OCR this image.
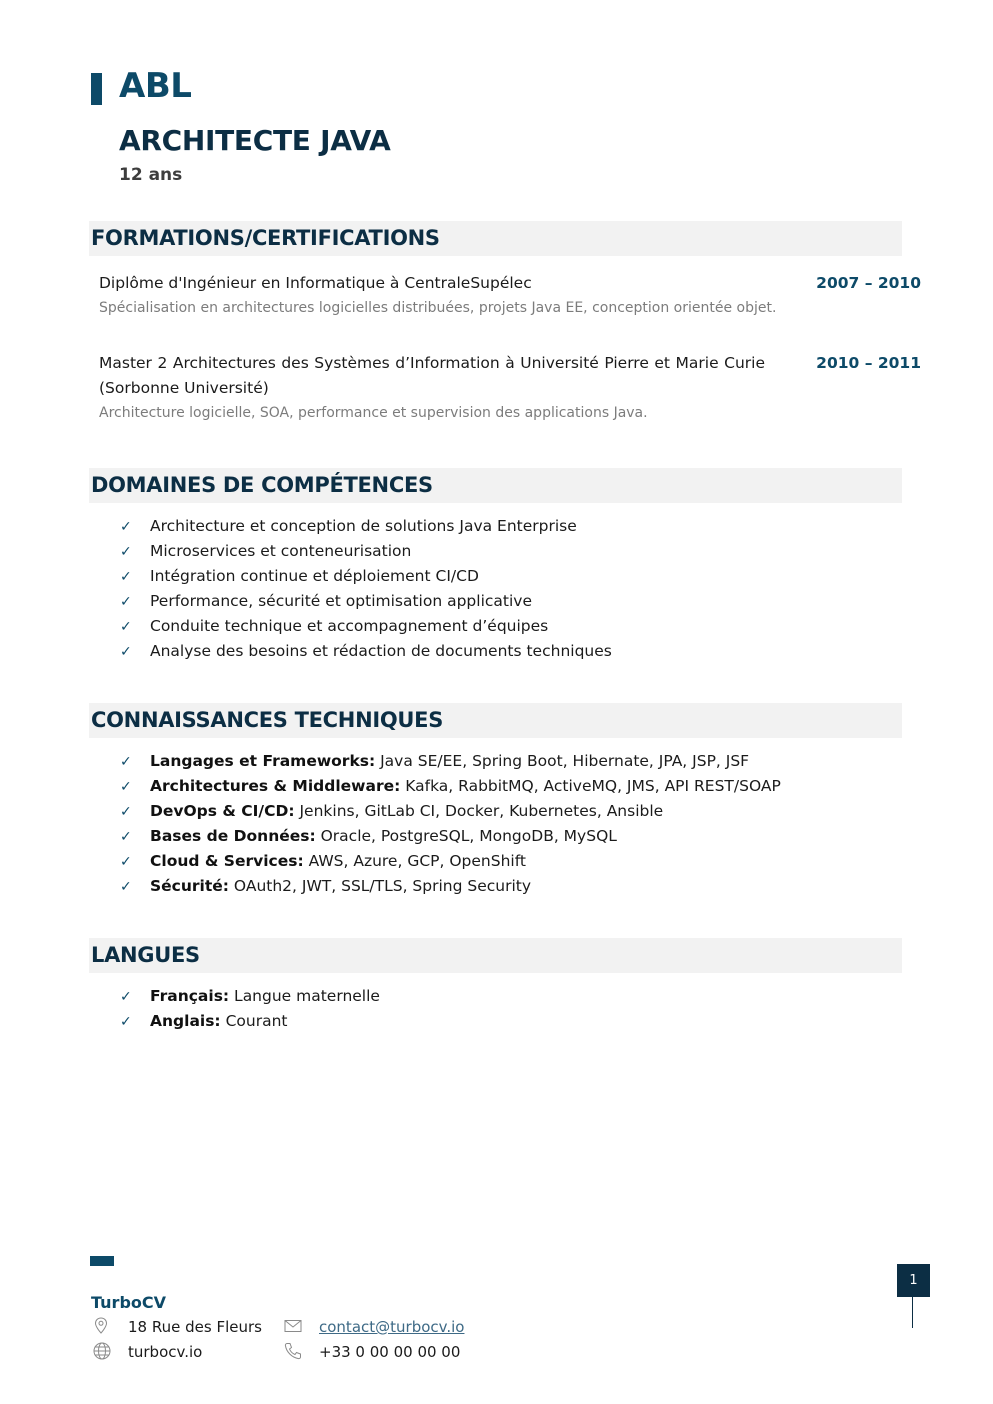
ABL
ARCHITECTE JAVA
12 ans
FORMATIONS/CERTIFICATIONS
Diplôme d'Ingénieur en Informatique à CentraleSupélec	2007 – 2010
Spécialisation en architectures logicielles distribuées, projets Java EE, conception orientée objet.
Master 2 Architectures des Systèmes d’Information à Université Pierre et Marie Curie (Sorbonne Université)
2010 – 2011
Architecture logicielle, SOA, performance et supervision des applications Java.
DOMAINES DE COMPÉTENCES
✓ Architecture et conception de solutions Java Enterprise
✓ Microservices et conteneurisation
✓ Intégration continue et déploiement CI/CD
✓ Performance, sécurité et optimisation applicative
✓ Conduite technique et accompagnement d’équipes
✓ Analyse des besoins et rédaction de documents techniques
CONNAISSANCES TECHNIQUES
✓ Langages et Frameworks: Java SE/EE, Spring Boot, Hibernate, JPA, JSP, JSF
✓ Architectures & Middleware: Kafka, RabbitMQ, ActiveMQ, JMS, API REST/SOAP
✓ DevOps & CI/CD: Jenkins, GitLab CI, Docker, Kubernetes, Ansible
✓ Bases de Données: Oracle, PostgreSQL, MongoDB, MySQL
✓ Cloud & Services: AWS, Azure, GCP, OpenShift
✓ Sécurité: OAuth2, JWT, SSL/TLS, Spring Security
LANGUES
✓ Français: Langue maternelle
✓ Anglais: Courant
TurboCV
18 Rue des Fleurs
turbocv.io
contact@turbocv.io
+33 0 00 00 00 00
1
